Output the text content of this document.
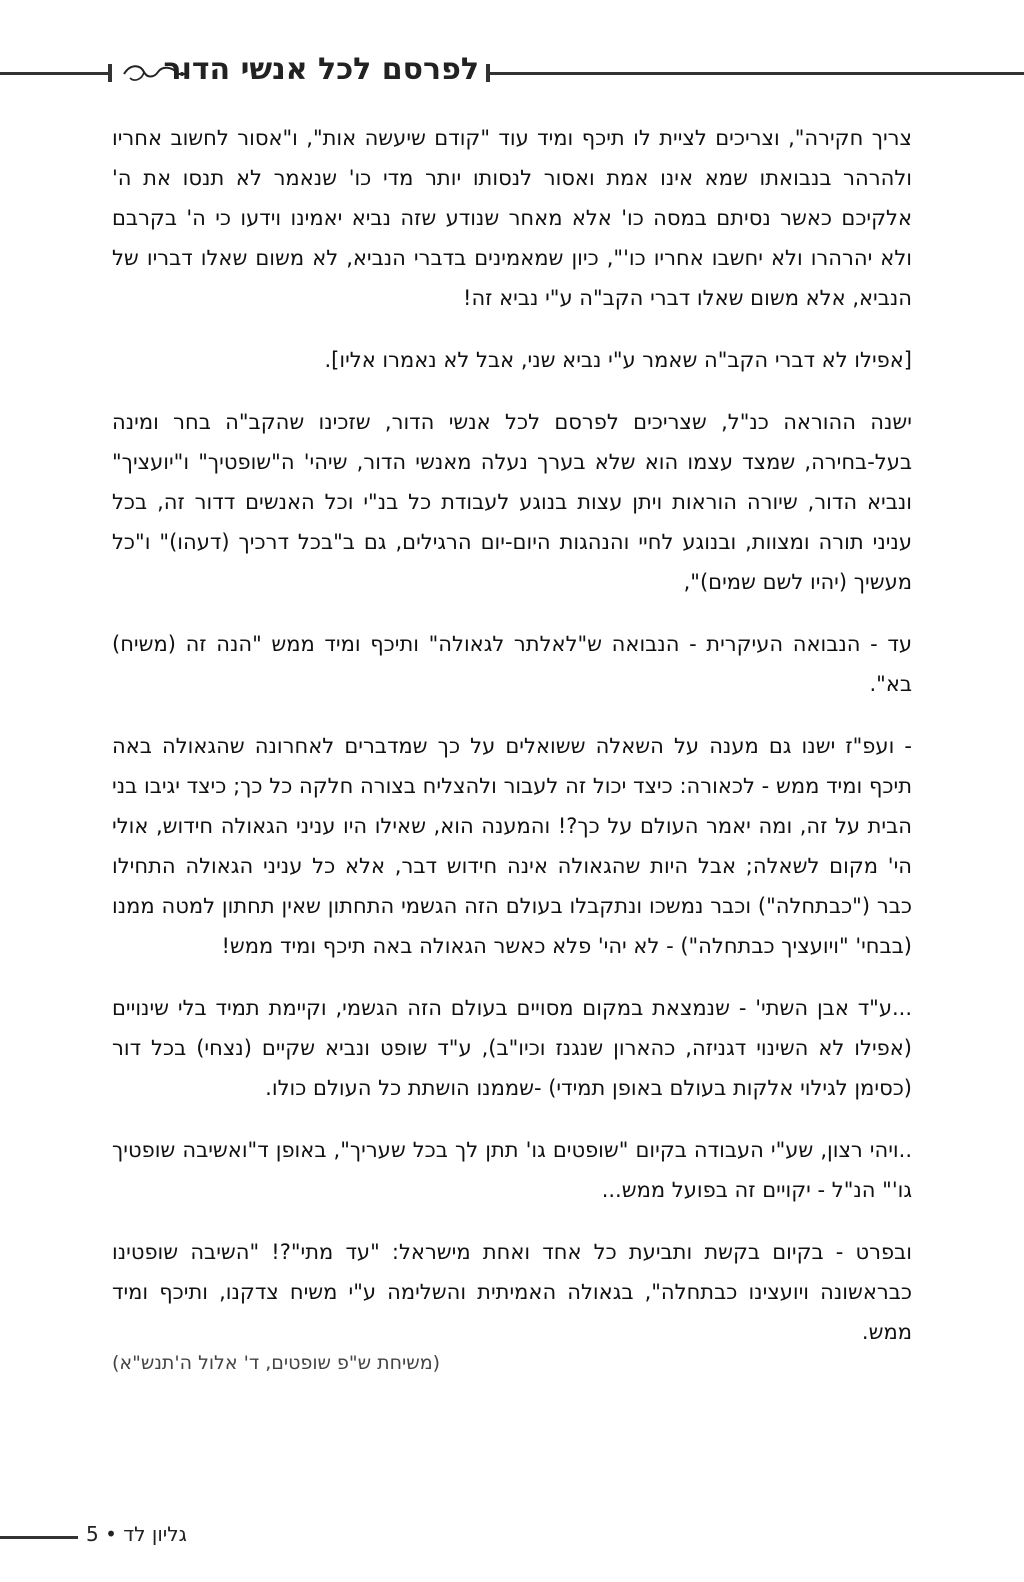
לפרסם לכל אנשי הדור

צריך חקירה", וצריכים לציית לו תיכף ומיד עוד "קודם שיעשה אות", ו"אסור לחשוב אחריו ולהרהר בנבואתו שמא אינו אמת ואסור לנסותו יותר מדי כו' שנאמר לא תנסו את ה' אלקיכם כאשר נסיתם במסה כו' אלא מאחר שנודע שזה נביא יאמינו וידעו כי ה' בקרבם ולא יהרהרו ולא יחשבו אחריו כו'", כיון שמאמינים בדברי הנביא, לא משום שאלו דבריו של הנביא, אלא משום שאלו דברי הקב"ה ע"י נביא זה!

[אפילו לא דברי הקב"ה שאמר ע"י נביא שני, אבל לא נאמרו אליו].

ישנה ההוראה כנ"ל, שצריכים לפרסם לכל אנשי הדור, שזכינו שהקב"ה בחר ומינה בעל-בחירה, שמצד עצמו הוא שלא בערך נעלה מאנשי הדור, שיהי' ה"שופטיך" ו"יועציך" ונביא הדור, שיורה הוראות ויתן עצות בנוגע לעבודת כל בנ"י וכל האנשים דדור זה, בכל עניני תורה ומצוות, ובנוגע לחיי והנהגות היום-יום הרגילים, גם ב"בכל דרכיך (דעהו)" ו"כל מעשיך (יהיו לשם שמים)",

עד - הנבואה העיקרית - הנבואה ש"לאלתר לגאולה" ותיכף ומיד ממש "הנה זה (משיח) בא".

- ועפ"ז ישנו גם מענה על השאלה ששואלים על כך שמדברים לאחרונה שהגאולה באה תיכף ומיד ממש - לכאורה: כיצד יכול זה לעבור ולהצליח בצורה חלקה כל כך; כיצד יגיבו בני הבית על זה, ומה יאמר העולם על כך?! והמענה הוא, שאילו היו עניני הגאולה חידוש, אולי הי' מקום לשאלה; אבל היות שהגאולה אינה חידוש דבר, אלא כל עניני הגאולה התחילו כבר ("כבתחלה") וכבר נמשכו ונתקבלו בעולם הזה הגשמי התחתון שאין תחתון למטה ממנו (בבחי' "ויועציך כבתחלה") - לא יהי' פלא כאשר הגאולה באה תיכף ומיד ממש!

...ע"ד אבן השתי' - שנמצאת במקום מסויים בעולם הזה הגשמי, וקיימת תמיד בלי שינויים (אפילו לא השינוי דגניזה, כהארון שנגנז וכיו"ב), ע"ד שופט ונביא שקיים (נצחי) בכל דור (כסימן לגילוי אלקות בעולם באופן תמידי) -שממנו הושתת כל העולם כולו.

..ויהי רצון, שע"י העבודה בקיום "שופטים גו' תתן לך בכל שעריך", באופן ד"ואשיבה שופטיך גו'" הנ"ל - יקויים זה בפועל ממש...

ובפרט - בקיום בקשת ותביעת כל אחד ואחת מישראל: "עד מתי"?! "השיבה שופטינו כבראשונה ויועצינו כבתחלה", בגאולה האמיתית והשלימה ע"י משיח צדקנו, ותיכף ומיד ממש.

(משיחת ש"פ שופטים, ד' אלול ה'תנש"א)
גליון לד • 5
